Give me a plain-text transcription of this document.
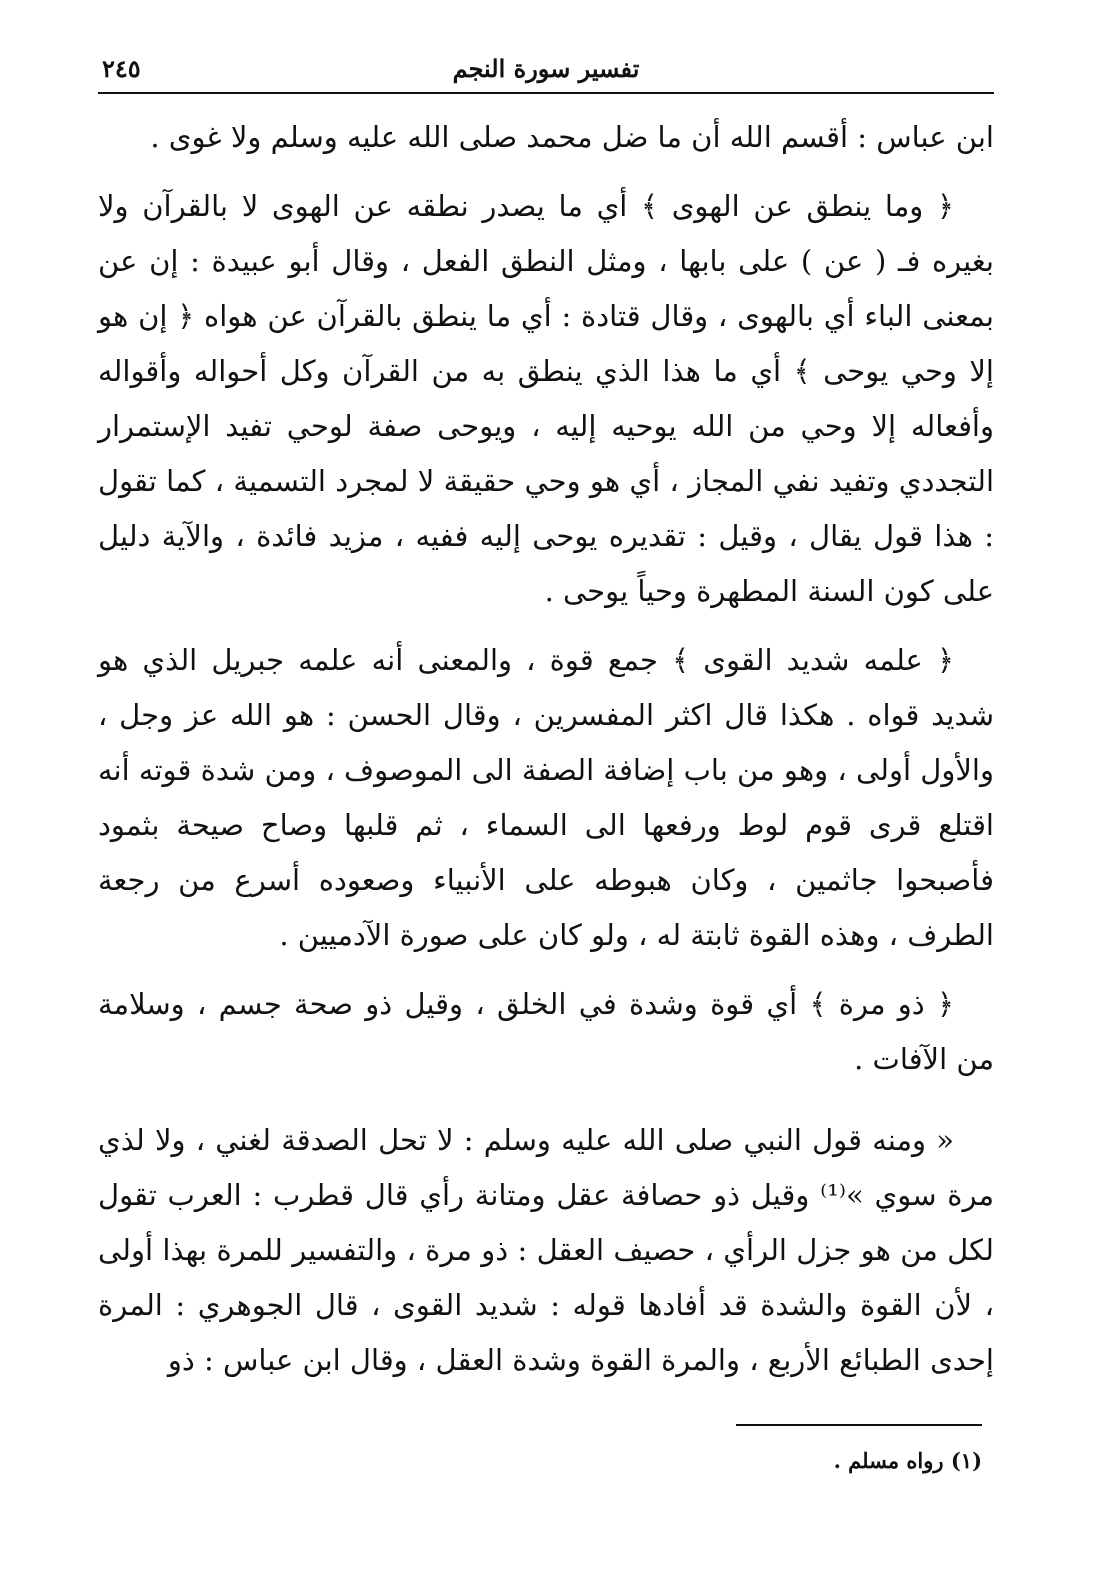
٢٤٥	تفسير سورة النجم

ابن عباس : أقسم الله أن ما ضل محمد صلى الله عليه وسلم ولا غوى .

﴿ وما ينطق عن الهوى ﴾ أي ما يصدر نطقه عن الهوى لا بالقرآن ولا بغيره فـ ( عن ) على بابها ، ومثل النطق الفعل ، وقال أبو عبيدة : إن عن بمعنى الباء أي بالهوى ، وقال قتادة : أي ما ينطق بالقرآن عن هواه ﴿ إن هو إلا وحي يوحى ﴾ أي ما هذا الذي ينطق به من القرآن وكل أحواله وأقواله وأفعاله إلا وحي من الله يوحيه إليه ، ويوحى صفة لوحي تفيد الإستمرار التجددي وتفيد نفي المجاز ، أي هو وحي حقيقة لا لمجرد التسمية ، كما تقول : هذا قول يقال ، وقيل : تقديره يوحى إليه ففيه ، مزيد فائدة ، والآية دليل على كون السنة المطهرة وحياً يوحى .

﴿ علمه شديد القوى ﴾ جمع قوة ، والمعنى أنه علمه جبريل الذي هو شديد قواه . هكذا قال اكثر المفسرين ، وقال الحسن : هو الله عز وجل ، والأول أولى ، وهو من باب إضافة الصفة الى الموصوف ، ومن شدة قوته أنه اقتلع قرى قوم لوط ورفعها الى السماء ، ثم قلبها وصاح صيحة بثمود فأصبحوا جاثمين ، وكان هبوطه على الأنبياء وصعوده أسرع من رجعة الطرف ، وهذه القوة ثابتة له ، ولو كان على صورة الآدميين .

﴿ ذو مرة ﴾ أي قوة وشدة في الخلق ، وقيل ذو صحة جسم ، وسلامة من الآفات .

« ومنه قول النبي صلى الله عليه وسلم : لا تحل الصدقة لغني ، ولا لذي مرة سوي »⁽¹⁾ وقيل ذو حصافة عقل ومتانة رأي قال قطرب : العرب تقول لكل من هو جزل الرأي ، حصيف العقل : ذو مرة ، والتفسير للمرة بهذا أولى ، لأن القوة والشدة قد أفادها قوله : شديد القوى ، قال الجوهري : المرة إحدى الطبائع الأربع ، والمرة القوة وشدة العقل ، وقال ابن عباس : ذو

(١) رواه مسلم .
